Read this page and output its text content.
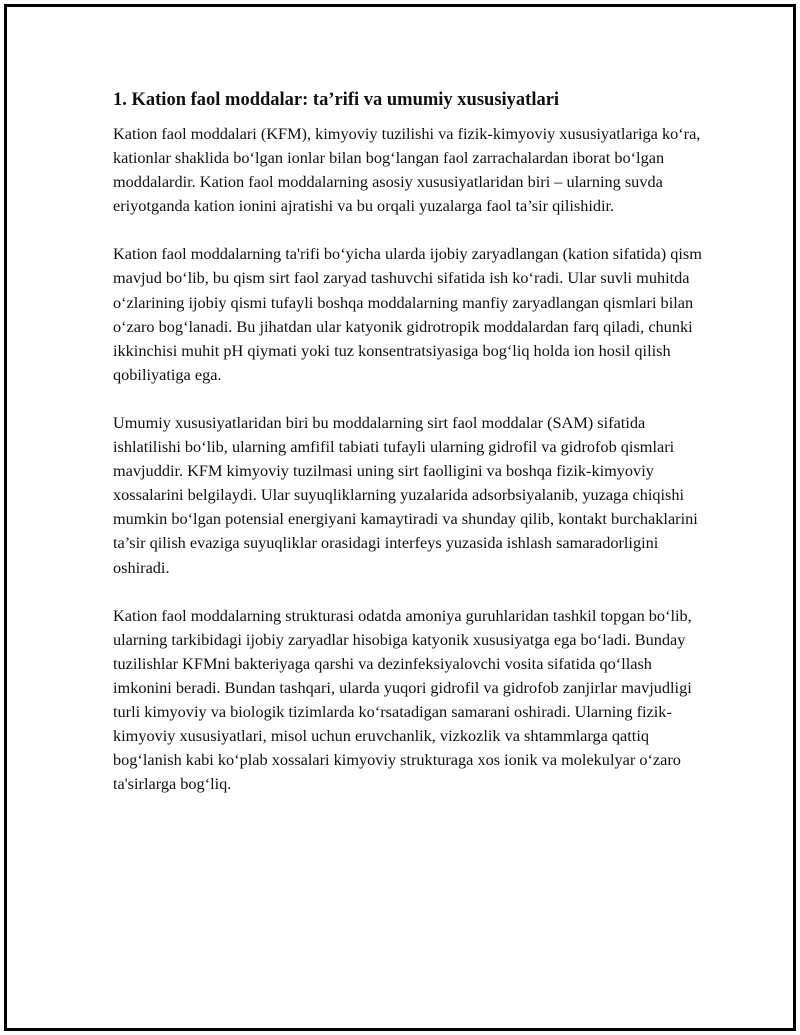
1. Kation faol moddalar: ta’rifi va umumiy xususiyatlari

Kation faol moddalari (KFM), kimyoviy tuzilishi va fizik-kimyoviy xususiyatlariga ko‘ra, kationlar shaklida bo‘lgan ionlar bilan bog‘langan faol zarrachalardan iborat bo‘lgan moddalardir. Kation faol moddalarning asosiy xususiyatlaridan biri – ularning suvda eriyotganda kation ionini ajratishi va bu orqali yuzalarga faol ta’sir qilishidir.

Kation faol moddalarning ta'rifi bo‘yicha ularda ijobiy zaryadlangan (kation sifatida) qism mavjud bo‘lib, bu qism sirt faol zaryad tashuvchi sifatida ish ko‘radi. Ular suvli muhitda o‘zlarining ijobiy qismi tufayli boshqa moddalarning manfiy zaryadlangan qismlari bilan o‘zaro bog‘lanadi. Bu jihatdan ular katyonik gidrotropik moddalardan farq qiladi, chunki ikkinchisi muhit pH qiymati yoki tuz konsentratsiyasiga bog‘liq holda ion hosil qilish qobiliyatiga ega.

Umumiy xususiyatlaridan biri bu moddalarning sirt faol moddalar (SAM) sifatida ishlatilishi bo‘lib, ularning amfifil tabiati tufayli ularning gidrofil va gidrofob qismlari mavjuddir. KFM kimyoviy tuzilmasi uning sirt faolligini va boshqa fizik-kimyoviy xossalarini belgilaydi. Ular suyuqliklarning yuzalarida adsorbsiyalanib, yuzaga chiqishi mumkin bo‘lgan potensial energiyani kamaytiradi va shunday qilib, kontakt burchaklarini ta’sir qilish evaziga suyuqliklar orasidagi interfeys yuzasida ishlash samaradorligini oshiradi.

Kation faol moddalarning strukturasi odatda amoniya guruhlaridan tashkil topgan bo‘lib, ularning tarkibidagi ijobiy zaryadlar hisobiga katyonik xususiyatga ega bo‘ladi. Bunday tuzilishlar KFMni bakteriyaga qarshi va dezinfeksiyalovchi vosita sifatida qo‘llash imkonini beradi. Bundan tashqari, ularda yuqori gidrofil va gidrofob zanjirlar mavjudligi turli kimyoviy va biologik tizimlarda ko‘rsatadigan samarani oshiradi. Ularning fizik-kimyoviy xususiyatlari, misol uchun eruvchanlik, vizkozlik va shtammlarga qattiq bog‘lanish kabi ko‘plab xossalari kimyoviy strukturaga xos ionik va molekulyar o‘zaro ta'sirlarga bog‘liq.
